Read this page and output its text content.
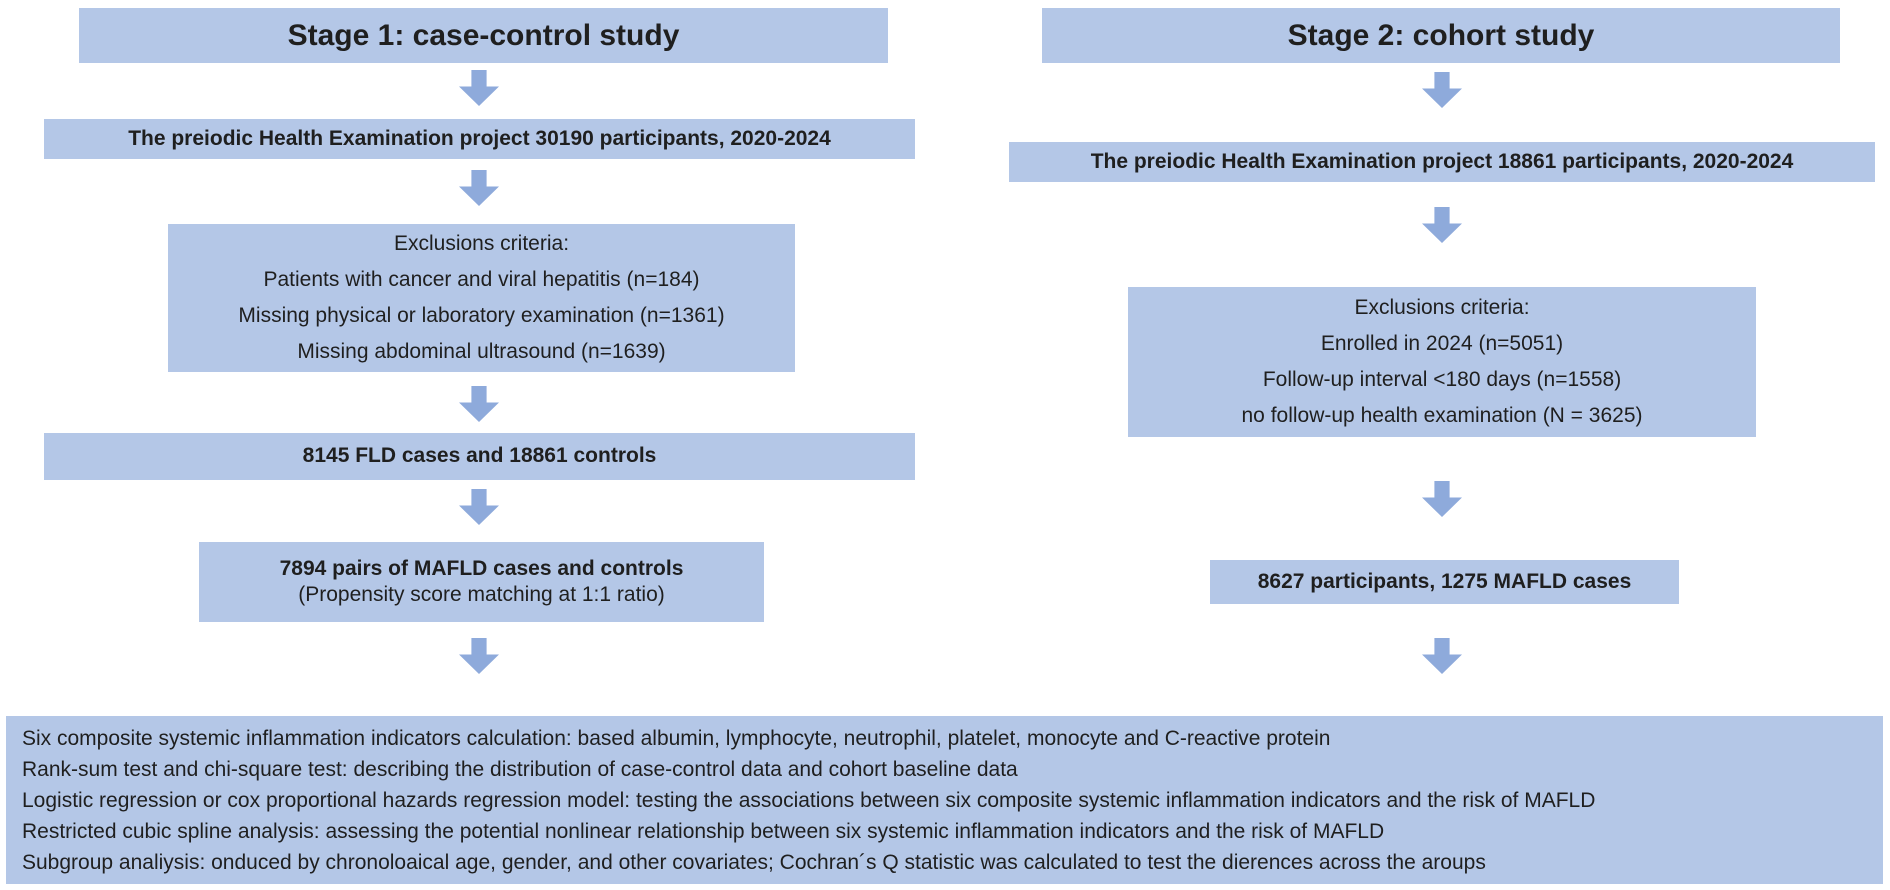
Stage 1: case-control study
The preiodic Health Examination project 30190 participants, 2020-2024
Exclusions criteria:
Patients with cancer and viral hepatitis (n=184)
Missing physical or laboratory examination (n=1361)
Missing abdominal ultrasound (n=1639)
8145 FLD cases and 18861 controls
7894 pairs of MAFLD cases and controls
(Propensity score matching at 1:1 ratio)
Stage 2: cohort study
The preiodic Health Examination project 18861 participants, 2020-2024
Exclusions criteria:
Enrolled in 2024 (n=5051)
Follow-up interval <180 days (n=1558)
no follow-up health examination (N = 3625)
8627 participants, 1275 MAFLD cases
Six composite systemic inflammation indicators calculation: based albumin, lymphocyte, neutrophil, platelet, monocyte and C-reactive protein
Rank-sum test and chi-square test: describing the distribution of case-control data and cohort baseline data
Logistic regression or cox proportional hazards regression model: testing the associations between six composite systemic inflammation indicators and the risk of MAFLD
Restricted cubic spline analysis: assessing the potential nonlinear relationship between six systemic inflammation indicators and the risk of MAFLD
Subgroup analiysis: onduced by chronoloaical age, gender, and other covariates; Cochran´s Q statistic was calculated to test the dierences across the aroups
